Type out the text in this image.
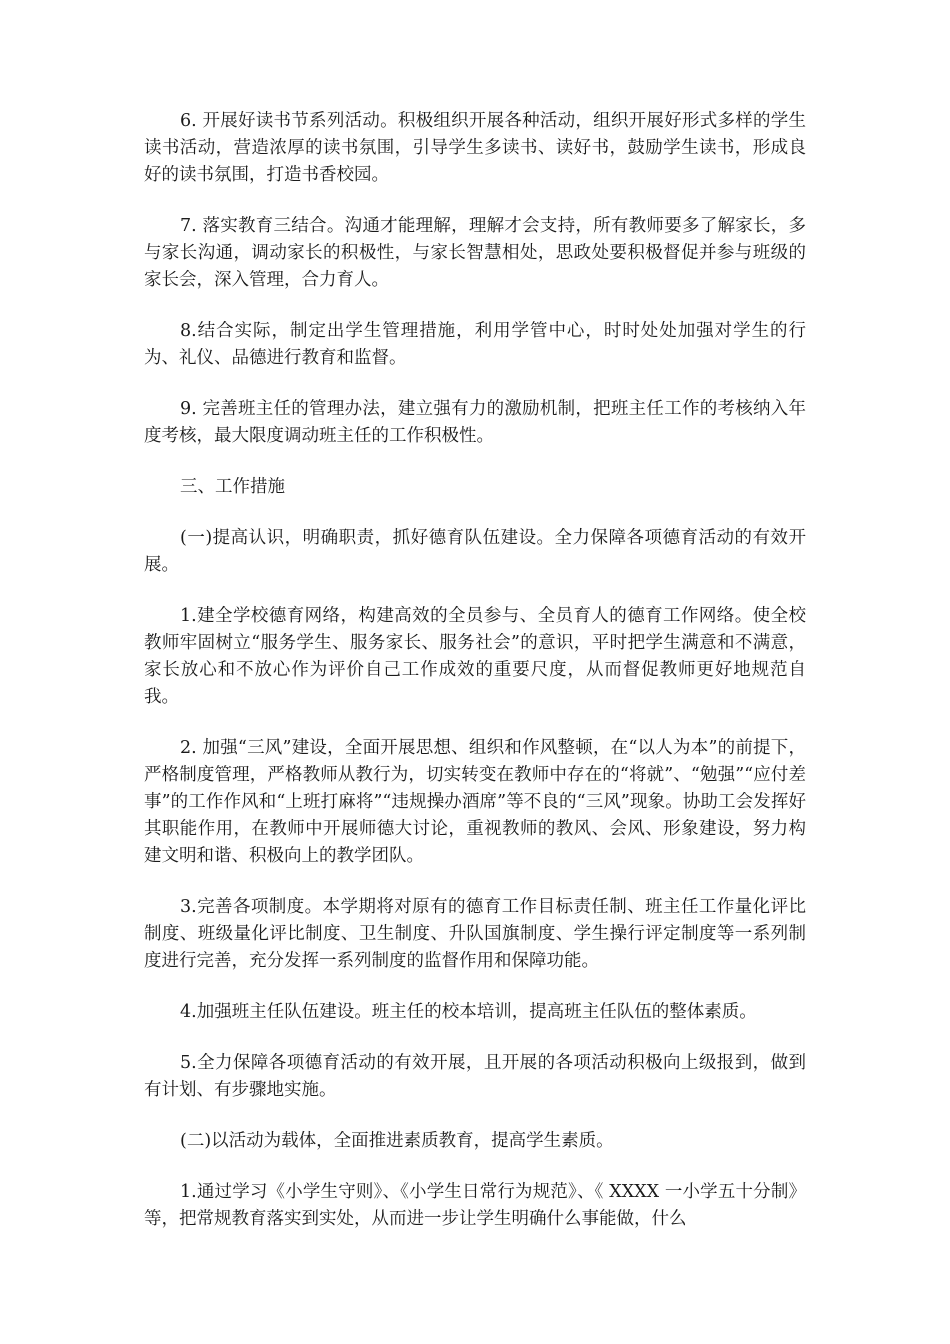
6. 开展好读书节系列活动。积极组织开展各种活动，组织开展好形式多样的学生读书活动，营造浓厚的读书氛围，引导学生多读书、读好书，鼓励学生读书，形成良好的读书氛围，打造书香校园。

7. 落实教育三结合。沟通才能理解，理解才会支持，所有教师要多了解家长，多与家长沟通，调动家长的积极性，与家长智慧相处，思政处要积极督促并参与班级的家长会，深入管理，合力育人。

8.结合实际，制定出学生管理措施，利用学管中心，时时处处加强对学生的行为、礼仪、品德进行教育和监督。

9. 完善班主任的管理办法，建立强有力的激励机制，把班主任工作的考核纳入年度考核，最大限度调动班主任的工作积极性。

三、工作措施

(一)提高认识，明确职责，抓好德育队伍建设。全力保障各项德育活动的有效开展。

1.建全学校德育网络，构建高效的全员参与、全员育人的德育工作网络。使全校教师牢固树立“服务学生、服务家长、服务社会”的意识，平时把学生满意和不满意，家长放心和不放心作为评价自己工作成效的重要尺度，从而督促教师更好地规范自我。

2. 加强“三风”建设，全面开展思想、组织和作风整顿，在“以人为本”的前提下，严格制度管理，严格教师从教行为，切实转变在教师中存在的“将就”、“勉强”“应付差事”的工作作风和“上班打麻将”“违规操办酒席”等不良的“三风”现象。协助工会发挥好其职能作用，在教师中开展师德大讨论，重视教师的教风、会风、形象建设，努力构建文明和谐、积极向上的教学团队。

3.完善各项制度。本学期将对原有的德育工作目标责任制、班主任工作量化评比制度、班级量化评比制度、卫生制度、升队国旗制度、学生操行评定制度等一系列制度进行完善，充分发挥一系列制度的监督作用和保障功能。

4.加强班主任队伍建设。班主任的校本培训，提高班主任队伍的整体素质。

5.全力保障各项德育活动的有效开展，且开展的各项活动积极向上级报到，做到有计划、有步骤地实施。

(二)以活动为载体，全面推进素质教育，提高学生素质。

1.通过学习《小学生守则》、《小学生日常行为规范》、《 XXXX 一小学五十分制》等，把常规教育落实到实处，从而进一步让学生明确什么事能做，什么
